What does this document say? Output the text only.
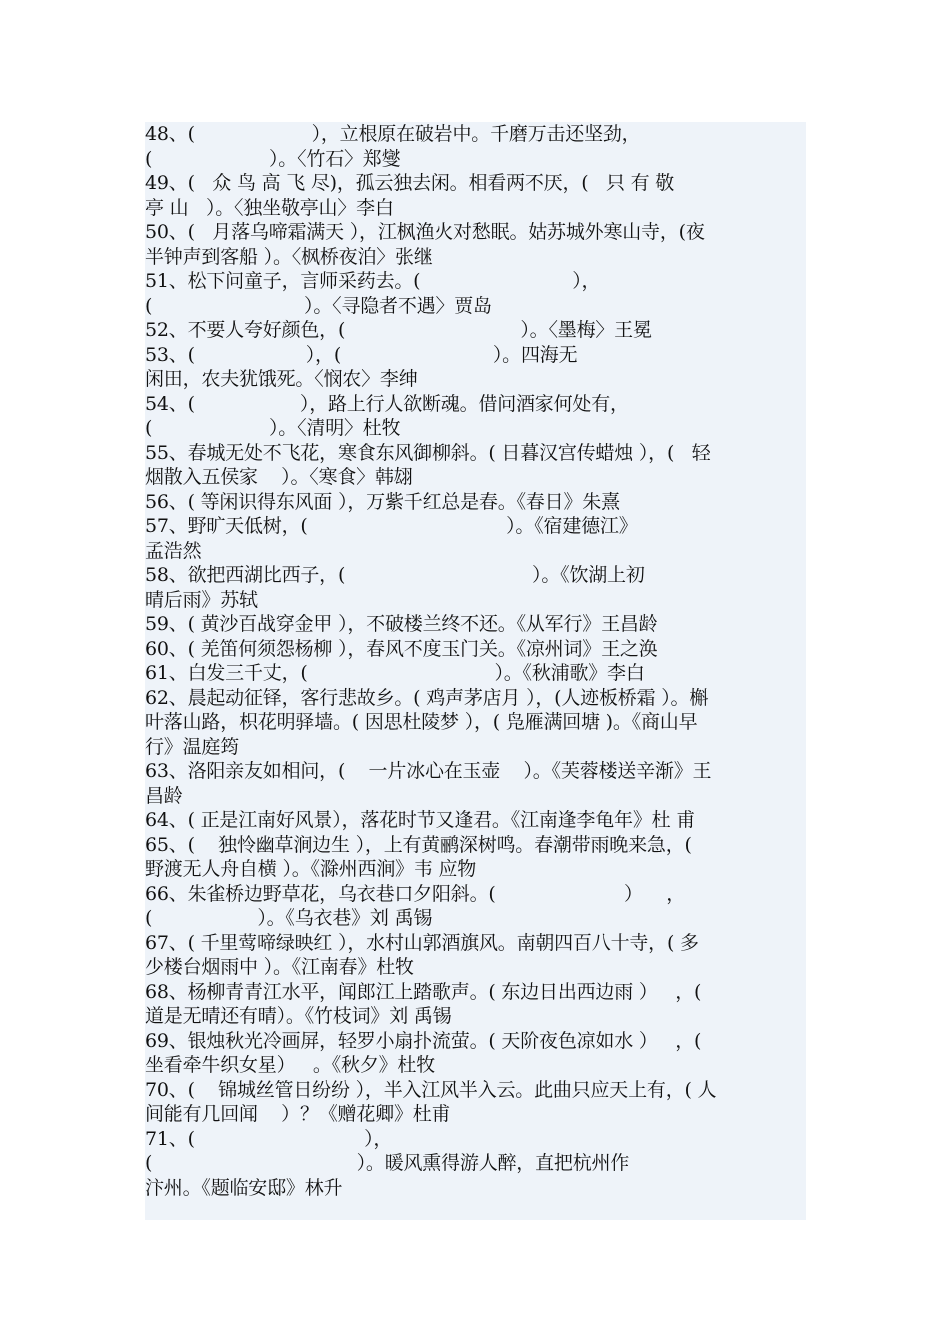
48、(                    ），立根原在破岩中。千磨万击还坚劲，
(                    ）。〈竹石〉郑燮
49、(   众 鸟 高 飞 尽)，孤云独去闲。相看两不厌，(   只 有 敬
亭 山   ）。〈独坐敬亭山〉李白
50、(   月落乌啼霜满天 ），江枫渔火对愁眠。姑苏城外寒山寺，(夜
半钟声到客船 ）。〈枫桥夜泊〉张继
51、松下问童子，言师采药去。(                          ），
(                          ）。〈寻隐者不遇〉贾岛
52、不要人夸好颜色，(                              ）。〈墨梅〉王冕
53、(                   ），(                          ）。四海无
闲田，农夫犹饿死。〈悯农〉李绅
54、(                  ），路上行人欲断魂。借问酒家何处有，
(                    ）。〈清明〉杜牧
55、春城无处不飞花，寒食东风御柳斜。( 日暮汉宫传蜡烛 ），(   轻
烟散入五侯家    ）。〈寒食〉韩翃
56、( 等闲识得东风面 ），万紫千红总是春。《春日》朱熹
57、野旷天低树，(                                  ）。《宿建德江》
孟浩然
58、欲把西湖比西子，(                                ）。《饮湖上初
晴后雨》苏轼
59、( 黄沙百战穿金甲 ），不破楼兰终不还。《从军行》王昌龄
60、( 羌笛何须怨杨柳 ），春风不度玉门关。《凉州词》王之涣
61、白发三千丈，(                                ）。《秋浦歌》李白
62、晨起动征铎，客行悲故乡。( 鸡声茅店月 ），(人迹板桥霜 ）。槲
叶落山路，枳花明驿墙。( 因思杜陵梦 ），( 凫雁满回塘 )。《商山早
行》温庭筠
63、洛阳亲友如相问，(    一片冰心在玉壶    ）。《芙蓉楼送辛渐》王
昌龄
64、( 正是江南好风景），落花时节又逢君。《江南逢李龟年》杜 甫
65、(    独怜幽草涧边生 ），上有黄鹂深树鸣。春潮带雨晚来急，(
野渡无人舟自横 ）。《滁州西涧》韦 应物
66、朱雀桥边野草花，乌衣巷口夕阳斜。(                      ）    ，
(                  ）。《乌衣巷》刘 禹锡
67、( 千里莺啼绿映红 ），水村山郭酒旗风。南朝四百八十寺，( 多
少楼台烟雨中 ）。《江南春》杜牧
68、杨柳青青江水平，闻郎江上踏歌声。( 东边日出西边雨 ）   ，(
道是无晴还有晴）。《竹枝词》刘 禹锡
69、银烛秋光冷画屏，轻罗小扇扑流萤。( 天阶夜色凉如水 ）   ，(
坐看牵牛织女星）   。《秋夕》杜牧
70、(    锦城丝管日纷纷 ），半入江风半入云。此曲只应天上有，( 人
间能有几回闻    ）？《赠花卿》杜甫
71、(                             ），
(                                   ）。暖风熏得游人醉，直把杭州作
汴州。《题临安邸》林升
